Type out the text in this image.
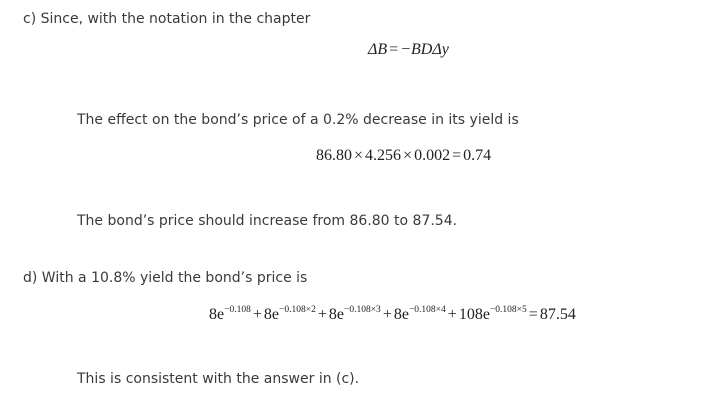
c) Since, with the notation in the chapter
ΔB = −BDΔy
The effect on the bond’s price of a 0.2% decrease in its yield is
86.80 × 4.256 × 0.002 = 0.74
The bond’s price should increase from 86.80 to 87.54.
d) With a 10.8% yield the bond’s price is
$8e^{-0.108} + 8e^{-0.108\times 2} + 8e^{-0.108\times 3} + 8e^{-0.108\times 4} + 108e^{-0.108\times 5} = 87.54$
This is consistent with the answer in (c).
